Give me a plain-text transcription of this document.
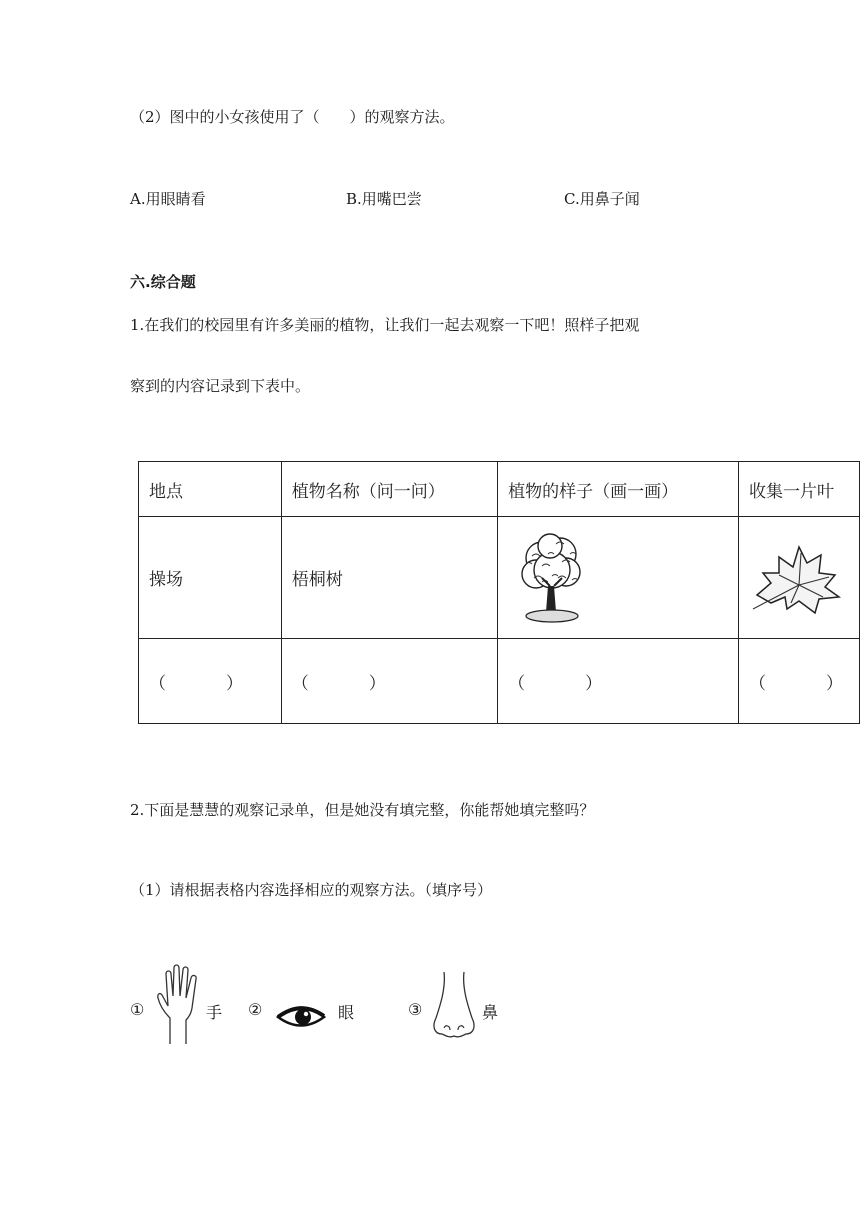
（2）图中的小女孩使用了（　　）的观察方法。
A.用眼睛看	B.用嘴巴尝	C.用鼻子闻
六.综合题
1.在我们的校园里有许多美丽的植物，让我们一起去观察一下吧！照样子把观
察到的内容记录到下表中。
地点	植物名称（问一问）	植物的样子（画一画）	收集一片叶
操场	梧桐树	

（ ）	（ ）	（ ）	（ ）
2.下面是慧慧的观察记录单，但是她没有填完整，你能帮她填完整吗？
（1）请根据表格内容选择相应的观察方法。（填序号）
①	手 ②	眼	③	鼻
